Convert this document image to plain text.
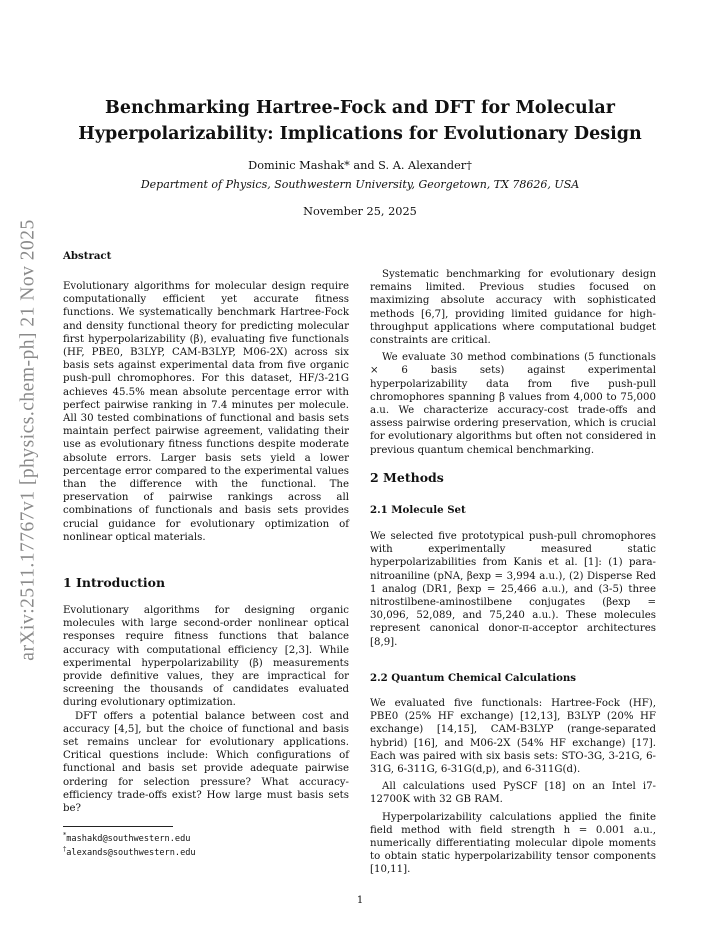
arXiv:2511.17767v1 [physics.chem-ph] 21 Nov 2025
Benchmarking Hartree-Fock and DFT for Molecular
Hyperpolarizability: Implications for Evolutionary Design
Dominic Mashak* and S. A. Alexander†
Department of Physics, Southwestern University, Georgetown, TX 78626, USA
November 25, 2025
Abstract

Evolutionary algorithms for molecular design require computationally efficient yet accurate fitness functions. We systematically benchmark Hartree-Fock and density functional theory for predicting molecular first hyperpolarizability (β), evaluating five functionals (HF, PBE0, B3LYP, CAM-B3LYP, M06-2X) across six basis sets against experimental data from five organic push-pull chromophores. For this dataset, HF/3-21G achieves 45.5% mean absolute percentage error with perfect pairwise ranking in 7.4 minutes per molecule. All 30 tested combinations of functional and basis sets maintain perfect pairwise agreement, validating their use as evolutionary fitness functions despite moderate absolute errors. Larger basis sets yield a lower percentage error compared to the experimental values than the difference with the functional. The preservation of pairwise rankings across all combinations of functionals and basis sets provides crucial guidance for evolutionary optimization of nonlinear optical materials.

1 Introduction

Evolutionary algorithms for designing organic molecules with large second-order nonlinear optical responses require fitness functions that balance accuracy with computational efficiency [2,3]. While experimental hyperpolarizability (β) measurements provide definitive values, they are impractical for screening the thousands of candidates evaluated during evolutionary optimization.

DFT offers a potential balance between cost and accuracy [4,5], but the choice of functional and basis set remains unclear for evolutionary applications. Critical questions include: Which configurations of functional and basis set provide adequate pairwise ordering for selection pressure? What accuracy-efficiency trade-offs exist? How large must basis sets be?

*mashakd@southwestern.edu
†alexands@southwestern.edu

Systematic benchmarking for evolutionary design remains limited. Previous studies focused on maximizing absolute accuracy with sophisticated methods [6,7], providing limited guidance for high-throughput applications where computational budget constraints are critical.

We evaluate 30 method combinations (5 functionals × 6 basis sets) against experimental hyperpolarizability data from five push-pull chromophores spanning β values from 4,000 to 75,000 a.u. We characterize accuracy-cost trade-offs and assess pairwise ordering preservation, which is crucial for evolutionary algorithms but often not considered in previous quantum chemical benchmarking.

2 Methods
2.1 Molecule Set

We selected five prototypical push-pull chromophores with experimentally measured static hyperpolarizabilities from Kanis et al. [1]: (1) para-nitroaniline (pNA, βexp = 3,994 a.u.), (2) Disperse Red 1 analog (DR1, βexp = 25,466 a.u.), and (3-5) three nitrostilbene-aminostilbene conjugates (βexp = 30,096, 52,089, and 75,240 a.u.). These molecules represent canonical donor-π-acceptor architectures [8,9].

2.2 Quantum Chemical Calculations

We evaluated five functionals: Hartree-Fock (HF), PBE0 (25% HF exchange) [12,13], B3LYP (20% HF exchange) [14,15], CAM-B3LYP (range-separated hybrid) [16], and M06-2X (54% HF exchange) [17]. Each was paired with six basis sets: STO-3G, 3-21G, 6-31G, 6-311G, 6-31G(d,p), and 6-311G(d).

All calculations used PySCF [18] on an Intel i7-12700K with 32 GB RAM.

Hyperpolarizability calculations applied the finite field method with field strength h = 0.001 a.u., numerically differentiating molecular dipole moments to obtain static hyperpolarizability tensor components [10,11].

1
